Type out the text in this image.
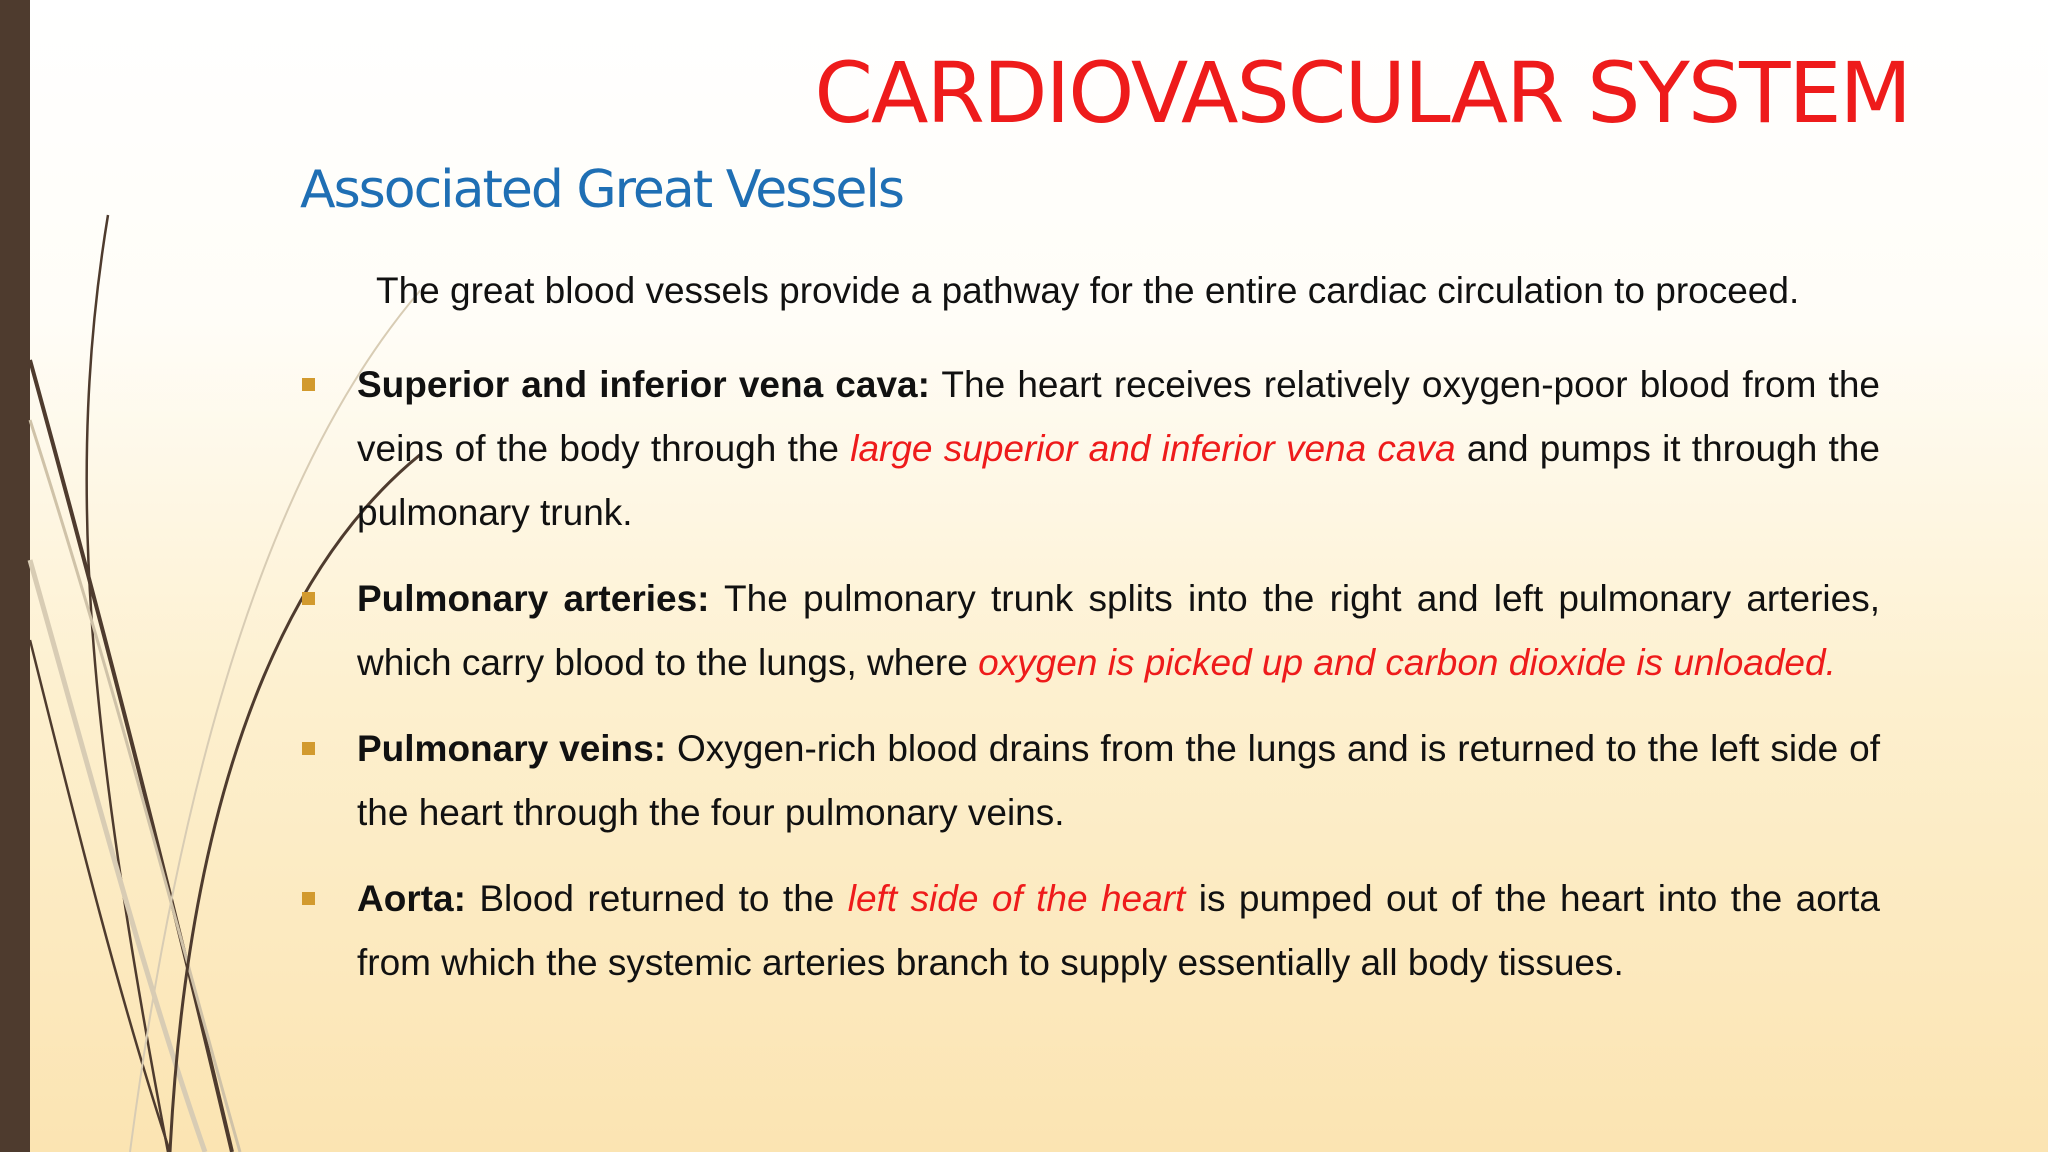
CARDIOVASCULAR SYSTEM
Associated Great Vessels

The great blood vessels provide a pathway for the entire cardiac circulation to proceed.

Superior and inferior vena cava: The heart receives relatively oxygen-poor blood from the veins of the body through the large superior and inferior vena cava and pumps it through the pulmonary trunk.
Pulmonary arteries: The pulmonary trunk splits into the right and left pulmonary arteries, which carry blood to the lungs, where oxygen is picked up and carbon dioxide is unloaded.
Pulmonary veins: Oxygen-rich blood drains from the lungs and is returned to the left side of the heart through the four pulmonary veins.
Aorta: Blood returned to the left side of the heart is pumped out of the heart into the aorta from which the systemic arteries branch to supply essentially all body tissues.
